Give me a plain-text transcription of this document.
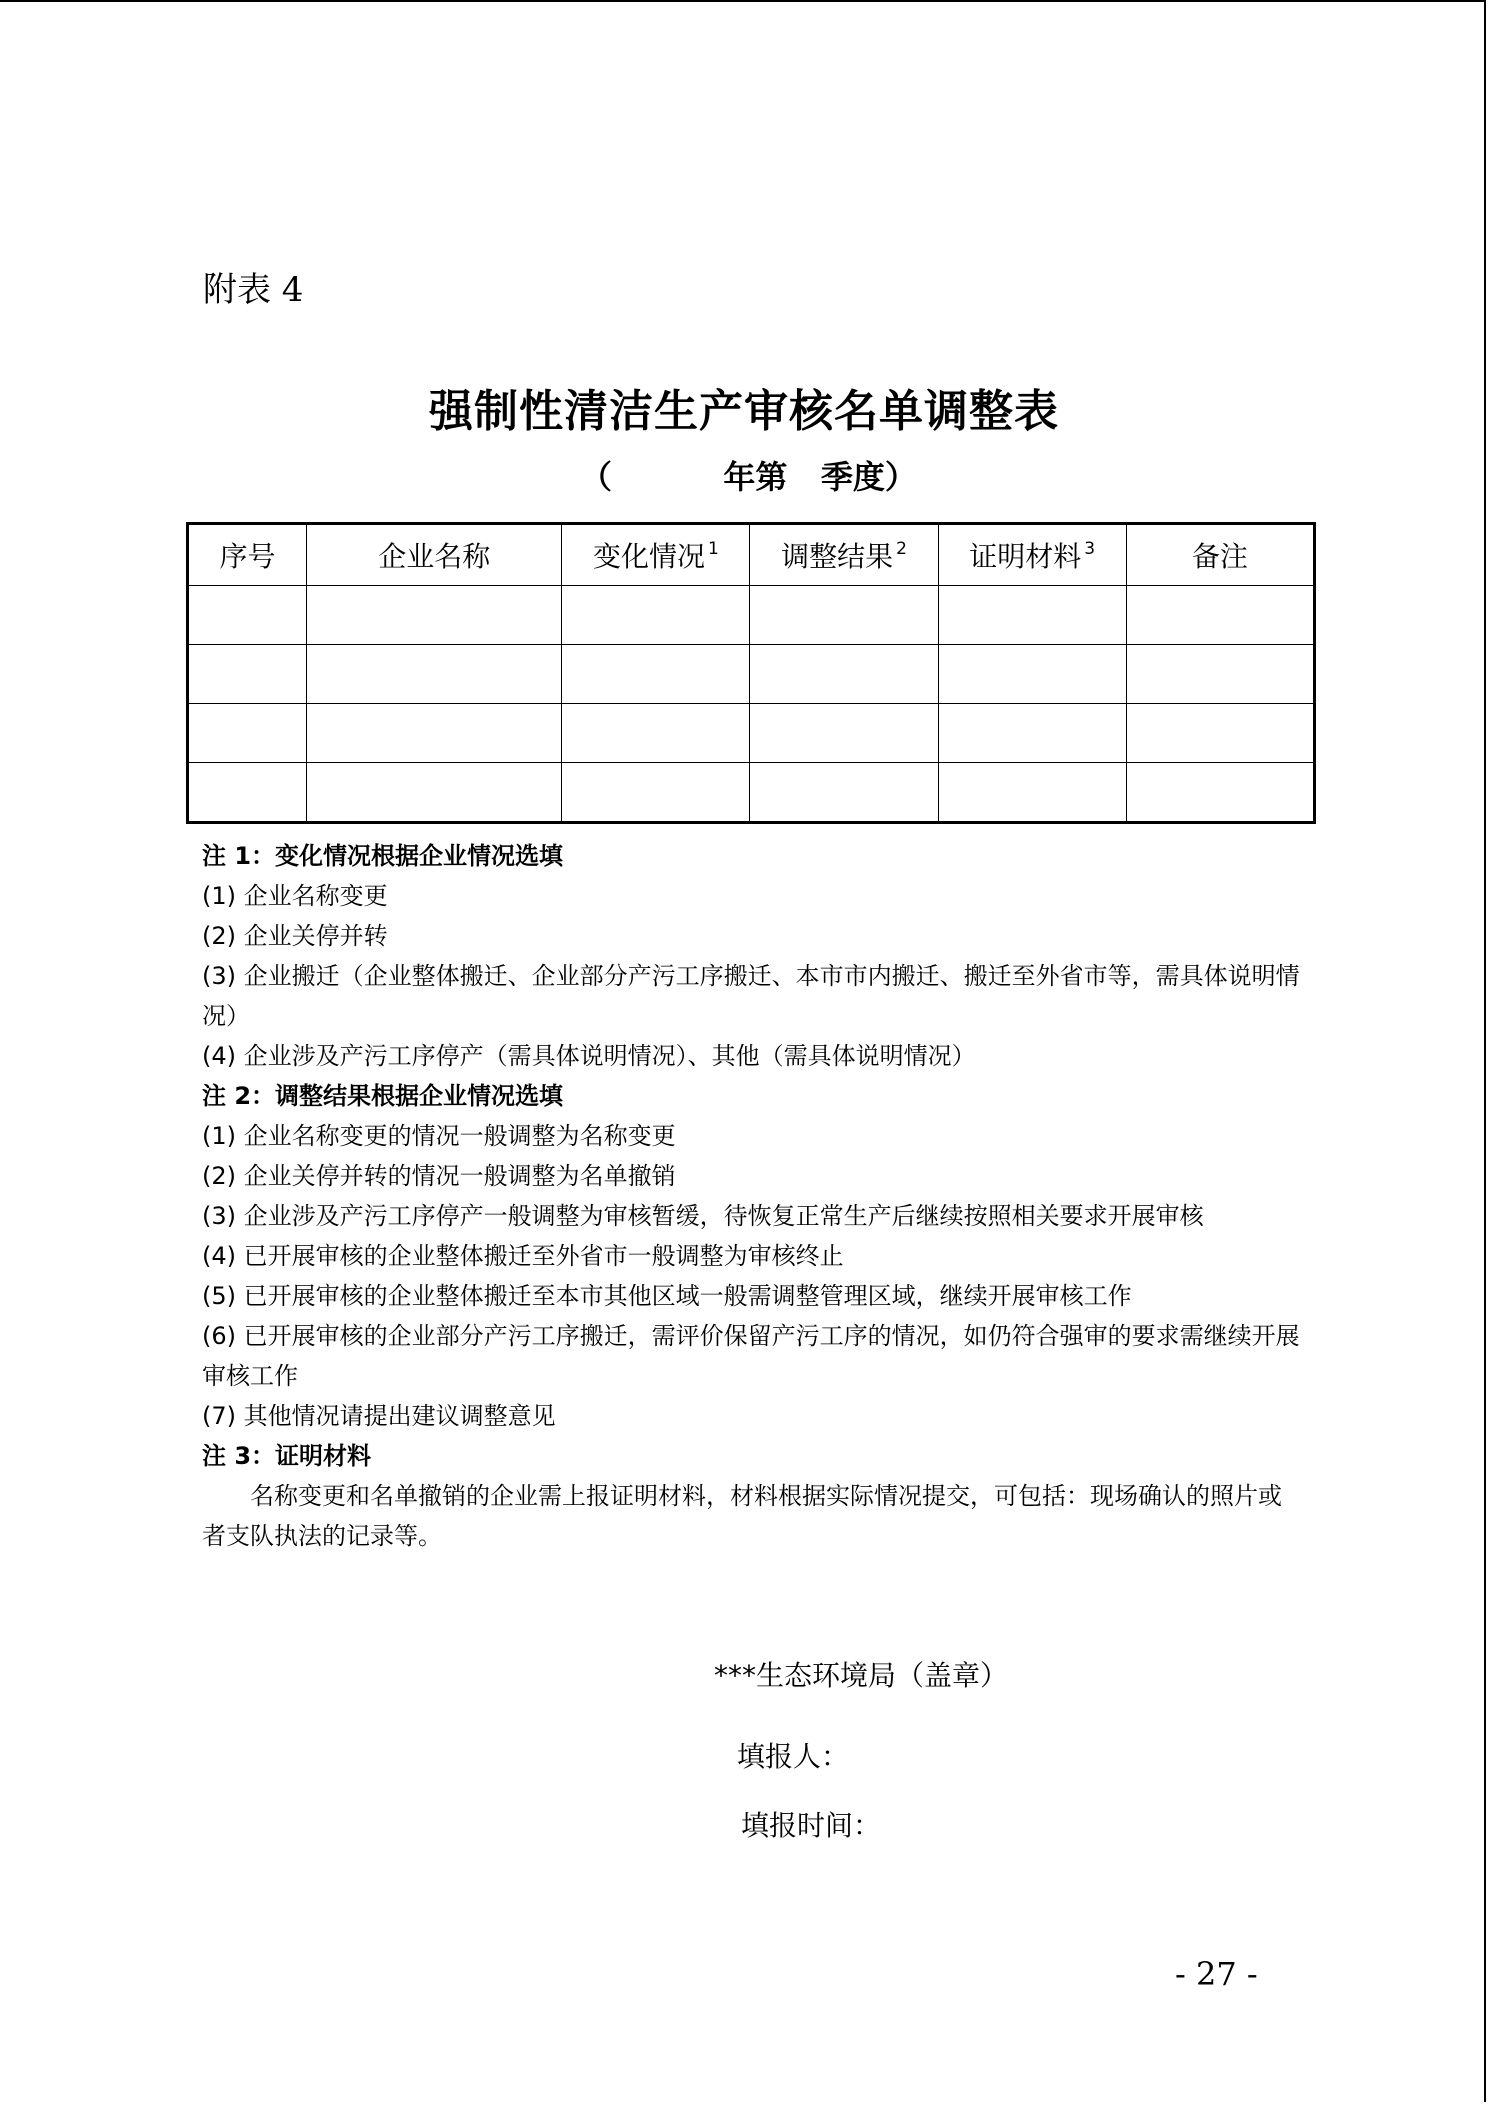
附表 4
强制性清洁生产审核名单调整表
（          年第   季度）
序号	企业名称	变化情况 $^1$	调整结果 $^2$	证明材料 $^3$	备注

注 1：变化情况根据企业情况选填
(1) 企业名称变更
(2) 企业关停并转
(3) 企业搬迁（企业整体搬迁、企业部分产污工序搬迁、本市市内搬迁、搬迁至外省市等，需具体说明情况）
(4) 企业涉及产污工序停产（需具体说明情况）、其他（需具体说明情况）
注 2：调整结果根据企业情况选填
(1) 企业名称变更的情况一般调整为名称变更
(2) 企业关停并转的情况一般调整为名单撤销
(3) 企业涉及产污工序停产一般调整为审核暂缓，待恢复正常生产后继续按照相关要求开展审核
(4) 已开展审核的企业整体搬迁至外省市一般调整为审核终止
(5) 已开展审核的企业整体搬迁至本市其他区域一般需调整管理区域，继续开展审核工作
(6) 已开展审核的企业部分产污工序搬迁，需评价保留产污工序的情况，如仍符合强审的要求需继续开展审核工作
(7) 其他情况请提出建议调整意见
注 3：证明材料
名称变更和名单撤销的企业需上报证明材料，材料根据实际情况提交，可包括：现场确认的照片或者支队执法的记录等。
***生态环境局（盖章）
填报人：
填报时间：
- 27 -
